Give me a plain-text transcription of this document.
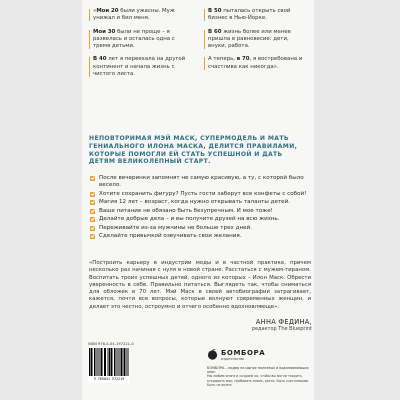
«Мои 20 были ужасны. Муж унижал и бил меня.

Мои 30 были не проще – я развелась и осталась одна с тремя детьми.

В 40 лет я переехала на другой континент и начала жизнь с чистого листа.

В 50 пыталась открыть свой бизнес в Нью-Йорке.

В 60 жизнь более или менее пришла в равновесие: дети, внуки, работа.

А теперь, в 70, я востребована и счастлива как никогда».

НЕПОВТОРИМАЯ МЭЙ МАСК, СУПЕРМОДЕЛЬ И МАТЬ ГЕНИАЛЬНОГО ИЛОНА МАСКА, ДЕЛИТСЯ ПРАВИЛАМИ, КОТОРЫЕ ПОМОГЛИ ЕЙ СТАТЬ УСПЕШНОЙ И ДАТЬ ДЕТЯМ ВЕЛИКОЛЕПНЫЙ СТАРТ.
После вечеринки запомнят не самую красивую, а ту, с которой было весело.
Хотите сохранить фигуру? Пусть гости заберут все конфеты с собой!
Магия 12 лет – возраст, когда нужно открывать таланты детей.
Ваше питание не обязано быть безупречным. И мое тоже!
Делайте добрые дела – и вы получите друзей на всю жизнь.
Переживайте из-за мужчины не больше трех дней.
Сделайте привычкой озвучивать свои желания.

«Построить карьеру в индустрии моды и в частной практике, причем несколько раз начиная с нуля в новой стране. Расстаться с мужем-тираном. Воспитать троих успешных детей, одного из которых – Илон Маск. Обрести уверенность в себе. Правильно питаться. Выглядеть так, чтобы сниматься для обложек в 70 лет. Мэй Маск в своей автобиографии затрагивает, кажется, почти все вопросы, которые волнуют современных женщин, и делает это честно, остроумно и отчего особенно вдохновляюще».

АННА ФЕДИНА,
редактор The Blueprint
ISBN 978-5-04-197221-0
9 785041 972219
БОМБОРА
издательство
БОМБОРА – лидер на рынке полезных и вдохновляющих книг.
Мы любим книги и создаем их, чтобы вы могли творить, открывать мир, пробовать новое, расти. Быть счастливыми. Быть на волне.
